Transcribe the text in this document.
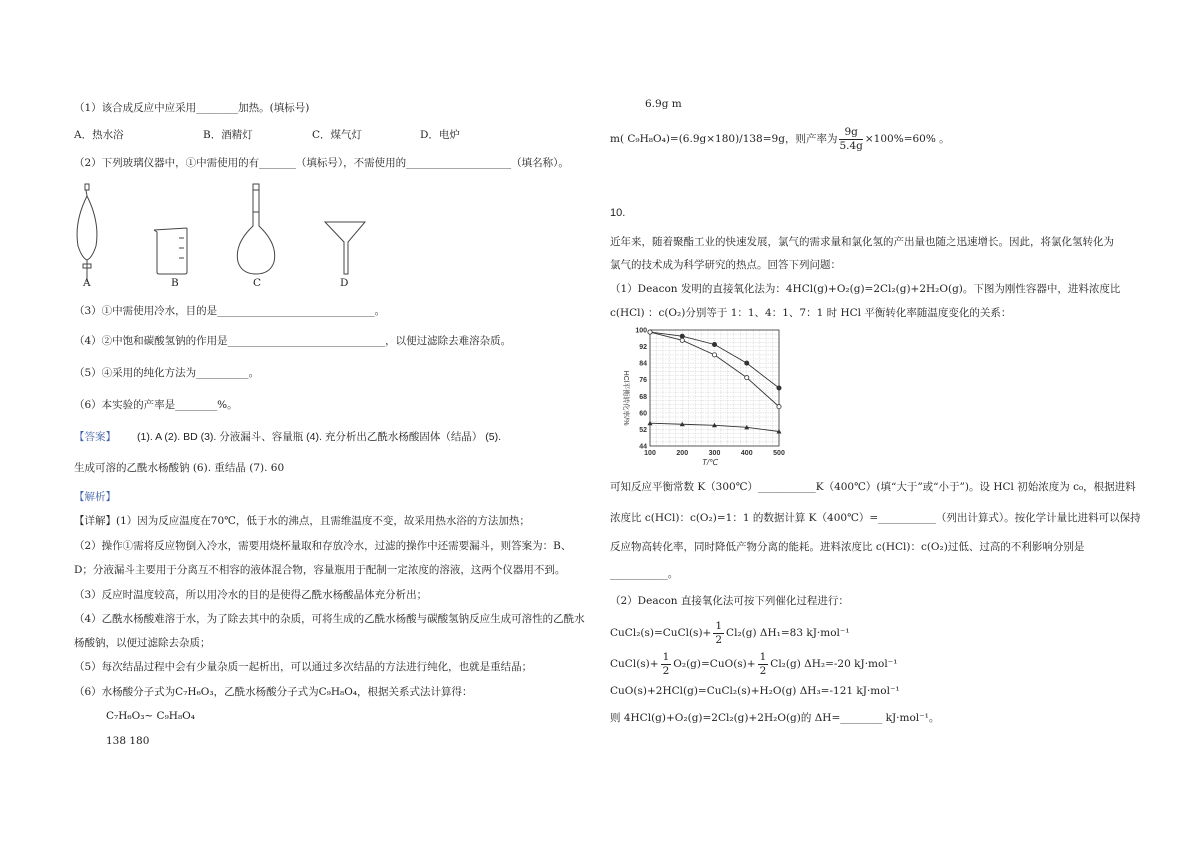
（1）该合成反应中应采用________加热。(填标号)
A．热水浴	B．酒精灯	C．煤气灯	D．电炉
（2）下列玻璃仪器中，①中需使用的有_______（填标号），不需使用的____________________（填名称）。
A	B	C	D
（3）①中需使用冷水，目的是______________________________。
（4）②中饱和碳酸氢钠的作用是______________________________，以便过滤除去难溶杂质。
（5）④采用的纯化方法为__________。
（6）本实验的产率是________%。
【答案】 (1). A (2). BD (3). 分液漏斗、容量瓶 (4). 充分析出乙酰水杨酸固体（结晶） (5).
生成可溶的乙酰水杨酸钠 (6). 重结晶 (7). 60
【解析】
【详解】(1）因为反应温度在70℃，低于水的沸点，且需维温度不变，故采用热水浴的方法加热；
（2）操作①需将反应物倒入冷水，需要用烧杯量取和存放冷水，过滤的操作中还需要漏斗，则答案为：B、
D；分液漏斗主要用于分离互不相容的液体混合物，容量瓶用于配制一定浓度的溶液，这两个仪器用不到。
（3）反应时温度较高，所以用冷水的目的是使得乙酰水杨酸晶体充分析出；
（4）乙酰水杨酸难溶于水，为了除去其中的杂质，可将生成的乙酰水杨酸与碳酸氢钠反应生成可溶性的乙酰水
杨酸钠，以便过滤除去杂质；
（5）每次结晶过程中会有少量杂质一起析出，可以通过多次结晶的方法进行纯化，也就是重结晶；
（6）水杨酸分子式为C₇H₆O₃，乙酰水杨酸分子式为C₉H₈O₄，根据关系式法计算得：
C₇H₆O₃~ C₉H₈O₄
138 180
6.9g m
m( C₉H₈O₄)=(6.9g×180)/138=9g，则产率为 $\frac{9g}{5.4g} \times 100\%=60\%$ 。
10.
近年来，随着聚酯工业的快速发展，氯气的需求量和氯化氢的产出量也随之迅速增长。因此，将氯化氢转化为
氯气的技术成为科学研究的热点。回答下列问题：
（1）Deacon 发明的直接氧化法为：4HCl(g)+O₂(g)=2Cl₂(g)+2H₂O(g)。下图为刚性容器中，进料浓度比
c(HCl) ：c(O₂)分别等于 1：1、4：1、7：1 时 HCl 平衡转化率随温度变化的关系：
HCl平衡转化率/%
T/℃
100
92
84
76
68
60
52
44
100	200	300	400	500
可知反应平衡常数 K（300℃）___________K（400℃）(填“大于”或“小于”)。设 HCl 初始浓度为 c₀，根据进料
浓度比 c(HCl)：c(O₂)=1：1 的数据计算 K（400℃）=___________（列出计算式）。按化学计量比进料可以保持
反应物高转化率，同时降低产物分离的能耗。进料浓度比 c(HCl)：c(O₂)过低、过高的不利影响分别是
___________。
（2）Deacon 直接氧化法可按下列催化过程进行：
CuCl₂(s)=CuCl(s)+ $\frac{1}{2} Cl_2(g)$ ΔH₁=83 kJ·mol⁻¹
CuCl(s)+ $\frac{1}{2} O_2(g)=CuO(s)+ \frac{1}{2} Cl_2(g)$ ΔH₂=-20 kJ·mol⁻¹
CuO(s)+2HCl(g)=CuCl₂(s)+H₂O(g) ΔH₃=-121 kJ·mol⁻¹
则 4HCl(g)+O₂(g)=2Cl₂(g)+2H₂O(g)的 ΔH=________ kJ·mol⁻¹。
